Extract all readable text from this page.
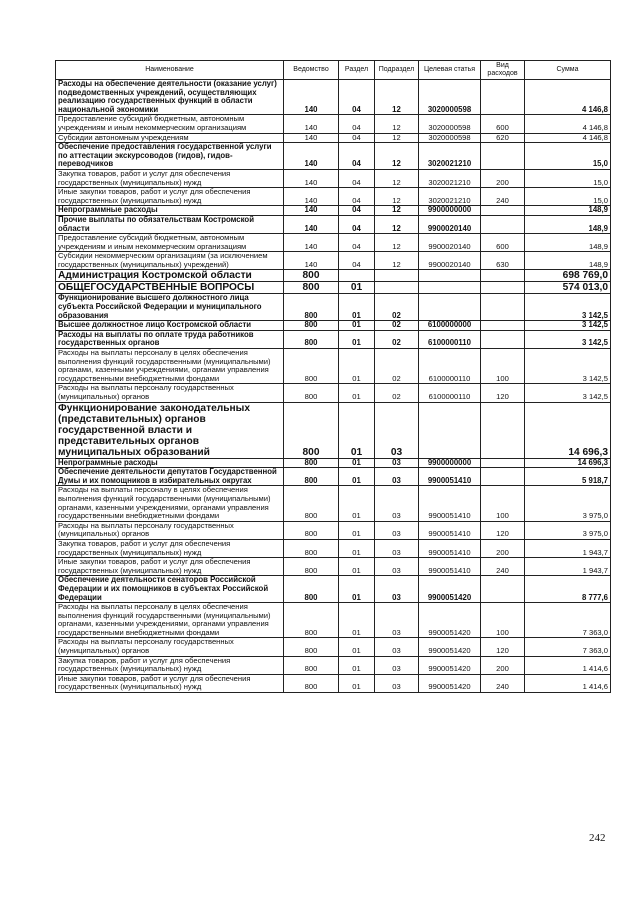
Наименование	Ведомство	Раздел	Подраздел	Целевая статья	Вид расходов	Сумма
Расходы на обеспечение деятельности (оказание услуг) подведомственных учреждений, осуществляющих реализацию государственных функций в области национальной экономики	140	04	12	3020000598		4 146,8
Предоставление субсидий бюджетным, автономным учреждениям и иным некоммерческим организациям	140	04	12	3020000598	600	4 146,8
Субсидии автономным учреждениям	140	04	12	3020000598	620	4 146,8
Обеспечение предоставления государственной услуги по аттестации экскурсоводов (гидов), гидов-переводчиков	140	04	12	3020021210		15,0
Закупка товаров, работ и услуг для обеспечения государственных (муниципальных) нужд	140	04	12	3020021210	200	15,0
Иные закупки товаров, работ и услуг для обеспечения государственных (муниципальных) нужд	140	04	12	3020021210	240	15,0
Непрограммные расходы	140	04	12	9900000000		148,9
Прочие выплаты по обязательствам Костромской области	140	04	12	9900020140		148,9
Предоставление субсидий бюджетным, автономным учреждениям и иным некоммерческим организациям	140	04	12	9900020140	600	148,9
Субсидии некоммерческим организациям (за исключением государственных (муниципальных) учреждений)	140	04	12	9900020140	630	148,9
Администрация Костромской области	800					698 769,0
ОБЩЕГОСУДАРСТВЕННЫЕ ВОПРОСЫ	800	01				574 013,0
Функционирование высшего должностного лица субъекта Российской Федерации и муниципального образования	800	01	02			3 142,5
Высшее должностное лицо Костромской области	800	01	02	6100000000		3 142,5
Расходы на выплаты по оплате труда работников государственных органов	800	01	02	6100000110		3 142,5
Расходы на выплаты персоналу в целях обеспечения выполнения функций государственными (муниципальными) органами, казенными учреждениями, органами управления государственными внебюджетными фондами	800	01	02	6100000110	100	3 142,5
Расходы на выплаты персоналу государственных (муниципальных) органов	800	01	02	6100000110	120	3 142,5
Функционирование законодательных (представительных) органов государственной власти и представительных органов муниципальных образований	800	01	03			14 696,3
Непрограммные расходы	800	01	03	9900000000		14 696,3
Обеспечение деятельности депутатов Государственной Думы и их помощников в избирательных округах	800	01	03	9900051410		5 918,7
Расходы на выплаты персоналу в целях обеспечения выполнения функций государственными (муниципальными) органами, казенными учреждениями, органами управления государственными внебюджетными фондами	800	01	03	9900051410	100	3 975,0
Расходы на выплаты персоналу государственных (муниципальных) органов	800	01	03	9900051410	120	3 975,0
Закупка товаров, работ и услуг для обеспечения государственных (муниципальных) нужд	800	01	03	9900051410	200	1 943,7
Иные закупки товаров, работ и услуг для обеспечения государственных (муниципальных) нужд	800	01	03	9900051410	240	1 943,7
Обеспечение деятельности сенаторов Российской Федерации и их помощников в субъектах Российской Федерации	800	01	03	9900051420		8 777,6
Расходы на выплаты персоналу в целях обеспечения выполнения функций государственными (муниципальными) органами, казенными учреждениями, органами управления государственными внебюджетными фондами	800	01	03	9900051420	100	7 363,0
Расходы на выплаты персоналу государственных (муниципальных) органов	800	01	03	9900051420	120	7 363,0
Закупка товаров, работ и услуг для обеспечения государственных (муниципальных) нужд	800	01	03	9900051420	200	1 414,6
Иные закупки товаров, работ и услуг для обеспечения государственных (муниципальных) нужд	800	01	03	9900051420	240	1 414,6
242
